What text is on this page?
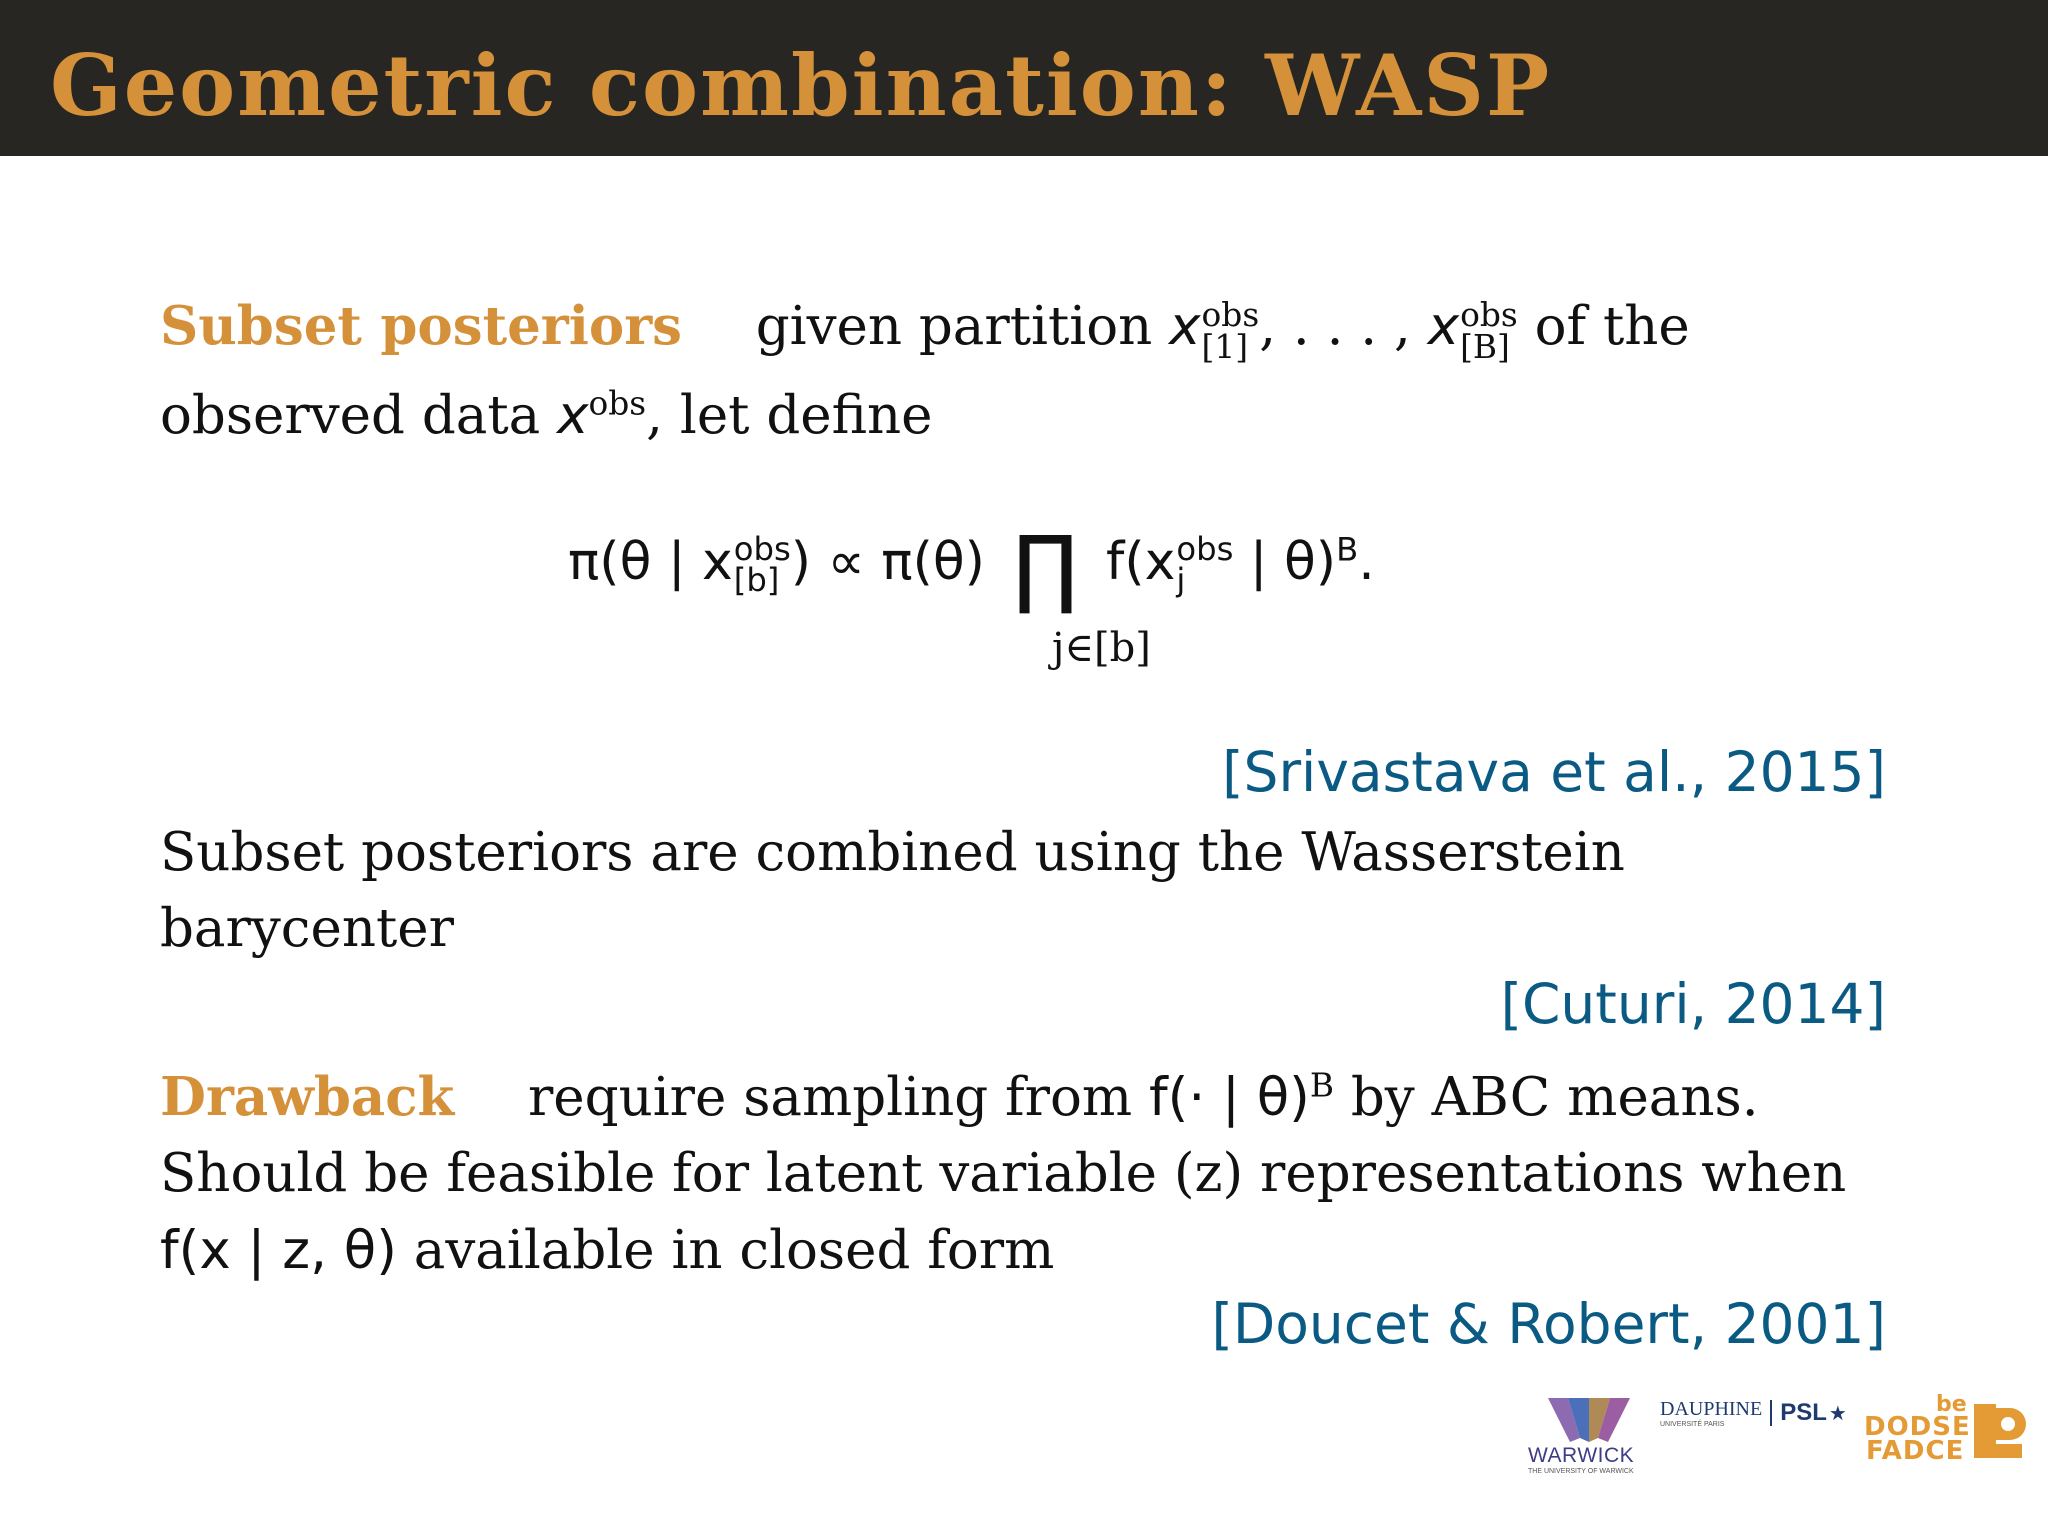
Geometric combination: WASP
Subset posteriors given partition x obs
[1] , . . . , x obs
[B] of the
observed data $x^{obs}$, let define
π(θ | x obs
[b] ) ∝ π(θ) ∏ f(x obs
j	| θ)$^B$.
j∈[b]
[Srivastava et al., 2015]
Subset posteriors are combined using the Wasserstein
barycenter
[Cuturi, 2014]
Drawback require sampling from f(· | θ)$^B$ by ABC means.
Should be feasible for latent variable (z) representations when
f(x | z, θ) available in closed form
[Doucet & Robert, 2001]
WARWICK
THE UNIVERSITY OF WARWICK
DAUPHINE
UNIVERSITÉ PARIS	PSL ★	be
DODSE
FADCE
